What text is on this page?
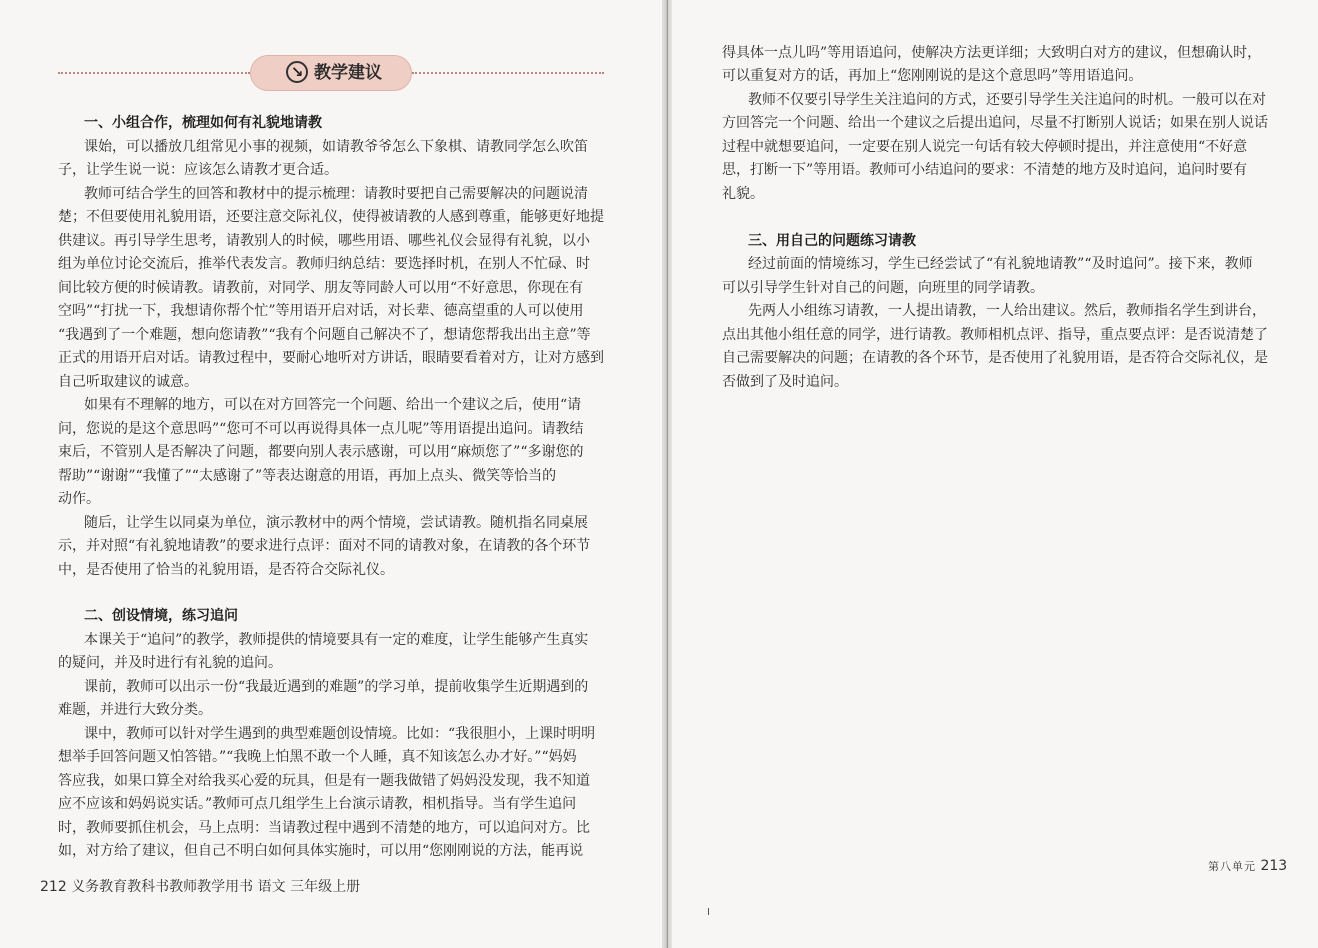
↘ 教学建议
一、小组合作，梳理如何有礼貌地请教
课始，可以播放几组常见小事的视频，如请教爷爷怎么下象棋、请教同学怎么吹笛
子，让学生说一说：应该怎么请教才更合适。
教师可结合学生的回答和教材中的提示梳理：请教时要把自己需要解决的问题说清
楚；不但要使用礼貌用语，还要注意交际礼仪，使得被请教的人感到尊重，能够更好地提
供建议。再引导学生思考，请教别人的时候，哪些用语、哪些礼仪会显得有礼貌，以小
组为单位讨论交流后，推举代表发言。教师归纳总结：要选择时机，在别人不忙碌、时
间比较方便的时候请教。请教前，对同学、朋友等同龄人可以用“不好意思，你现在有
空吗”“打扰一下，我想请你帮个忙”等用语开启对话，对长辈、德高望重的人可以使用
“我遇到了一个难题，想向您请教”“我有个问题自己解决不了，想请您帮我出出主意”等
正式的用语开启对话。请教过程中，要耐心地听对方讲话，眼睛要看着对方，让对方感到
自己听取建议的诚意。
如果有不理解的地方，可以在对方回答完一个问题、给出一个建议之后，使用“请
问，您说的是这个意思吗”“您可不可以再说得具体一点儿呢”等用语提出追问。请教结
束后，不管别人是否解决了问题，都要向别人表示感谢，可以用“麻烦您了”“多谢您的
帮助”“谢谢”“我懂了”“太感谢了”等表达谢意的用语，再加上点头、微笑等恰当的
动作。
随后，让学生以同桌为单位，演示教材中的两个情境，尝试请教。随机指名同桌展
示，并对照“有礼貌地请教”的要求进行点评：面对不同的请教对象，在请教的各个环节
中，是否使用了恰当的礼貌用语，是否符合交际礼仪。
二、创设情境，练习追问
本课关于“追问”的教学，教师提供的情境要具有一定的难度，让学生能够产生真实
的疑问，并及时进行有礼貌的追问。
课前，教师可以出示一份“我最近遇到的难题”的学习单，提前收集学生近期遇到的
难题，并进行大致分类。
课中，教师可以针对学生遇到的典型难题创设情境。比如：“我很胆小，上课时明明
想举手回答问题又怕答错。”“我晚上怕黑不敢一个人睡，真不知该怎么办才好。”“妈妈
答应我，如果口算全对给我买心爱的玩具，但是有一题我做错了妈妈没发现，我不知道
应不应该和妈妈说实话。”教师可点几组学生上台演示请教，相机指导。当有学生追问
时，教师要抓住机会，马上点明：当请教过程中遇到不清楚的地方，可以追问对方。比
如，对方给了建议，但自己不明白如何具体实施时，可以用“您刚刚说的方法，能再说
得具体一点儿吗”等用语追问，使解决方法更详细；大致明白对方的建议，但想确认时，
可以重复对方的话，再加上“您刚刚说的是这个意思吗”等用语追问。
教师不仅要引导学生关注追问的方式，还要引导学生关注追问的时机。一般可以在对
方回答完一个问题、给出一个建议之后提出追问，尽量不打断别人说话；如果在别人说话
过程中就想要追问，一定要在别人说完一句话有较大停顿时提出，并注意使用“不好意
思，打断一下”等用语。教师可小结追问的要求：不清楚的地方及时追问，追问时要有
礼貌。
三、用自己的问题练习请教
经过前面的情境练习，学生已经尝试了“有礼貌地请教”“及时追问”。接下来，教师
可以引导学生针对自己的问题，向班里的同学请教。
先两人小组练习请教，一人提出请教，一人给出建议。然后，教师指名学生到讲台，
点出其他小组任意的同学，进行请教。教师相机点评、指导，重点要点评：是否说清楚了
自己需要解决的问题；在请教的各个环节，是否使用了礼貌用语，是否符合交际礼仪，是
否做到了及时追问。
212 义务教育教科书教师教学用书 语文 三年级上册
第八单元 213
